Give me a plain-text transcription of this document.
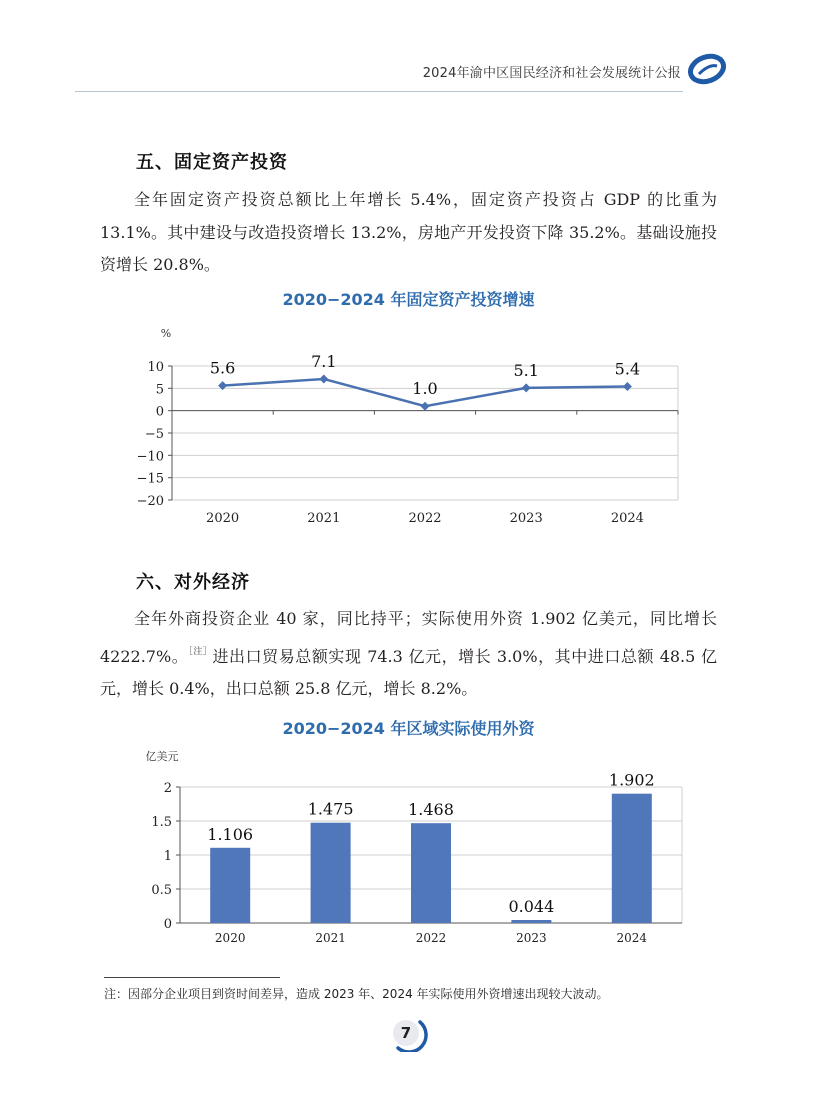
2024年渝中区国民经济和社会发展统计公报
五、固定资产投资

全年固定资产投资总额比上年增长 5.4%，固定资产投资占 GDP 的比重为 13.1%。其中建设与改造投资增长 13.2%，房地产开发投资下降 35.2%。基础设施投资增长 20.8%。

2020−2024 年固定资产投资增速
%
10
5
0
−5
−10
−15
−20
5.6
2020
7.1
2021
1.0
2022
5.1
2023
5.4
2024
六、对外经济

全年外商投资企业 40 家，同比持平；实际使用外资 1.902 亿美元，同比增长 4222.7%。$^{[注]}$进出口贸易总额实现 74.3 亿元，增长 3.0%，其中进口总额 48.5 亿元，增长 0.4%，出口总额 25.8 亿元，增长 8.2%。

2020−2024 年区域实际使用外资
亿美元
2
1.5
1
0.5
0
1.106
2020
1.475
2021
1.468
2022
0.044
2023
1.902
2024
注：因部分企业项目到资时间差异，造成 2023 年、2024 年实际使用外资增速出现较大波动。
7
